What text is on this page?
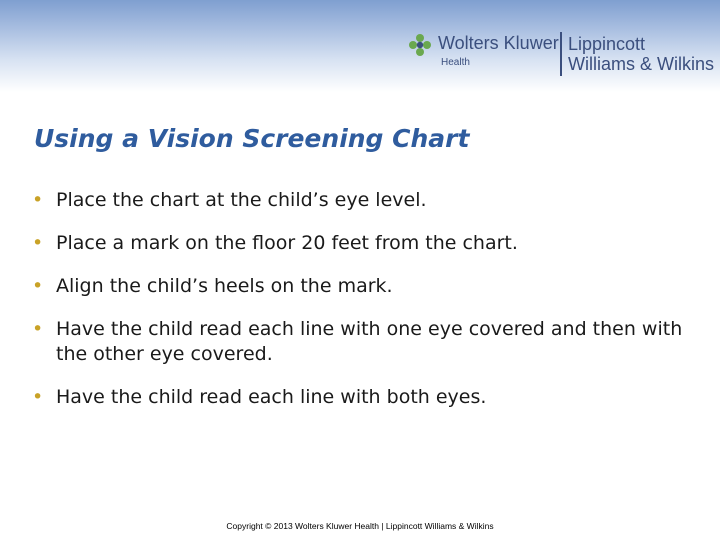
Wolters Kluwer
Health
Lippincott
Williams & Wilkins
Using a Vision Screening Chart
• Place the chart at the child’s eye level.
• Place a mark on the floor 20 feet from the chart.
• Align the child’s heels on the mark.
• Have the child read each line with one eye covered and then with the other eye covered.
• Have the child read each line with both eyes.
Copyright © 2013 Wolters Kluwer Health | Lippincott Williams & Wilkins
